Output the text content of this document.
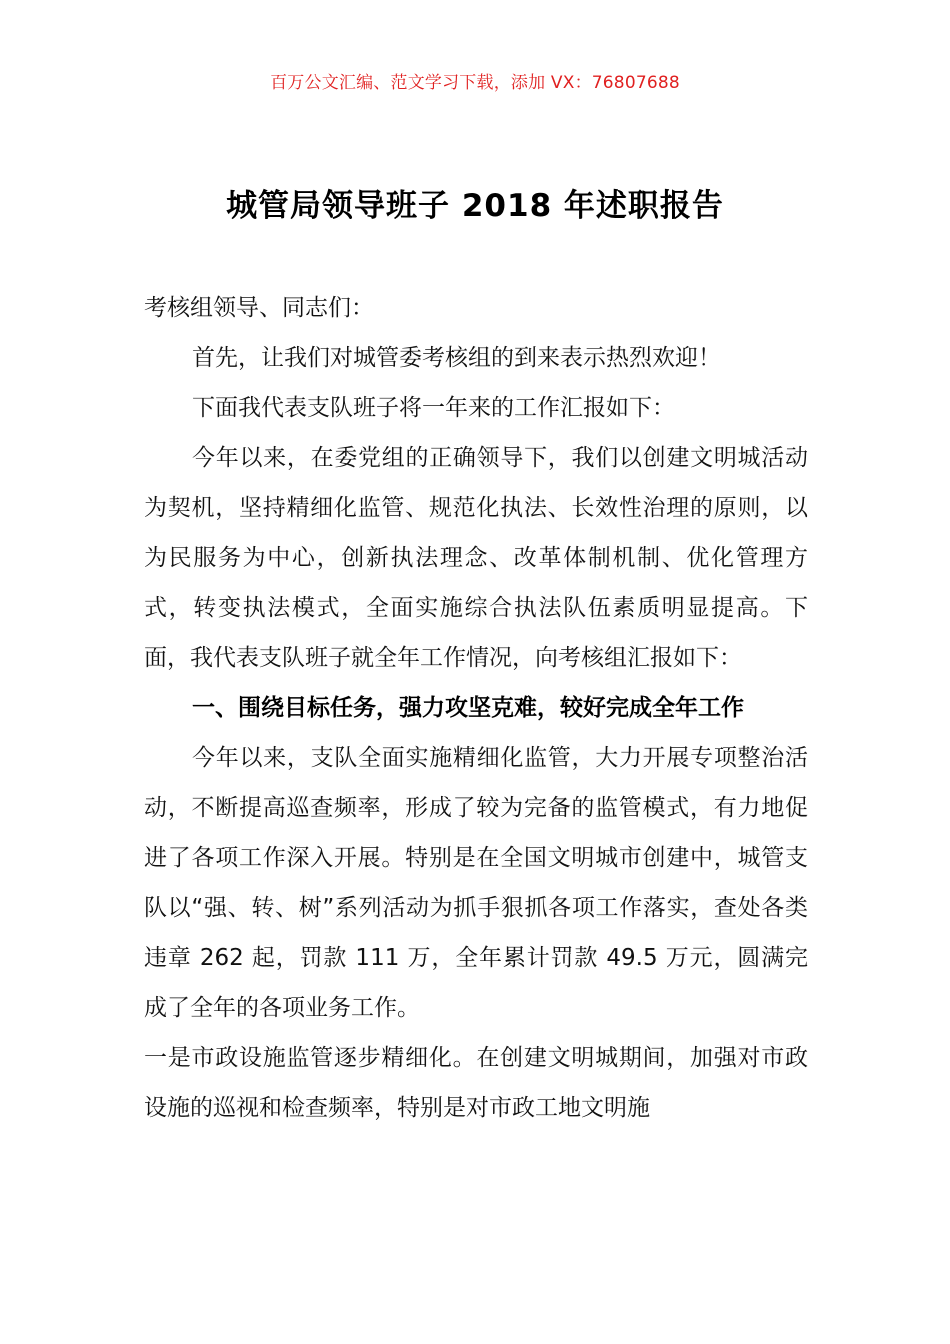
百万公文汇编、范文学习下载，添加 VX：76807688
城管局领导班子 2018 年述职报告

考核组领导、同志们：

首先，让我们对城管委考核组的到来表示热烈欢迎！

下面我代表支队班子将一年来的工作汇报如下：

今年以来，在委党组的正确领导下，我们以创建文明城活动为契机，坚持精细化监管、规范化执法、长效性治理的原则，以为民服务为中心，创新执法理念、改革体制机制、优化管理方式，转变执法模式，全面实施综合执法队伍素质明显提高。下面，我代表支队班子就全年工作情况，向考核组汇报如下：

一、围绕目标任务，强力攻坚克难，较好完成全年工作

今年以来，支队全面实施精细化监管，大力开展专项整治活动，不断提高巡查频率，形成了较为完备的监管模式，有力地促进了各项工作深入开展。特别是在全国文明城市创建中，城管支队以“强、转、树”系列活动为抓手狠抓各项工作落实，查处各类违章 262 起，罚款 111 万，全年累计罚款 49.5 万元，圆满完成了全年的各项业务工作。

一是市政设施监管逐步精细化。在创建文明城期间，加强对市政设施的巡视和检查频率，特别是对市政工地文明施
